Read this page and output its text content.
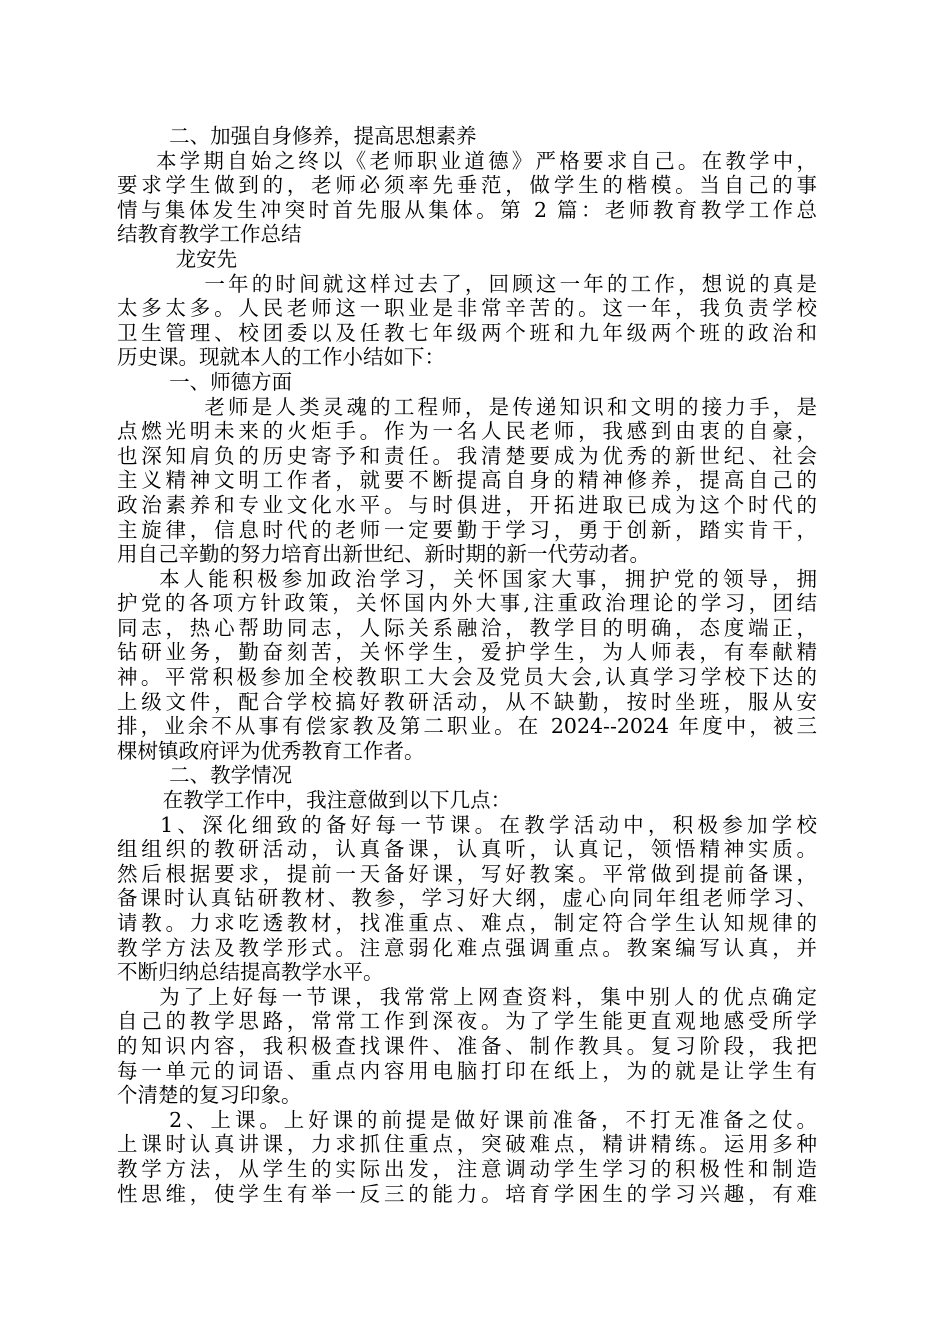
二、加强自身修养，提高思想素养
本学期自始之终以《老师职业道德》严格要求自己。在教学中，
要求学生做到的，老师必须率先垂范，做学生的楷模。当自己的事
情与集体发生冲突时首先服从集体。第 2 篇：老师教育教学工作总
结教育教学工作总结
龙安先
一年的时间就这样过去了，回顾这一年的工作，想说的真是
太多太多。人民老师这一职业是非常辛苦的。这一年，我负责学校
卫生管理、校团委以及任教七年级两个班和九年级两个班的政治和
历史课。现就本人的工作小结如下：
一、师德方面
老师是人类灵魂的工程师，是传递知识和文明的接力手，是
点燃光明未来的火炬手。作为一名人民老师，我感到由衷的自豪，
也深知肩负的历史寄予和责任。我清楚要成为优秀的新世纪、社会
主义精神文明工作者，就要不断提高自身的精神修养，提高自己的
政治素养和专业文化水平。与时俱进，开拓进取已成为这个时代的
主旋律，信息时代的老师一定要勤于学习，勇于创新，踏实肯干，
用自己辛勤的努力培育出新世纪、新时期的新一代劳动者。
本人能积极参加政治学习，关怀国家大事，拥护党的领导，拥
护党的各项方针政策，关怀国内外大事,注重政治理论的学习，团结
同志，热心帮助同志，人际关系融洽，教学目的明确，态度端正，
钻研业务，勤奋刻苦，关怀学生，爱护学生，为人师表，有奉献精
神。平常积极参加全校教职工大会及党员大会,认真学习学校下达的
上级文件，配合学校搞好教研活动，从不缺勤，按时坐班，服从安
排，业余不从事有偿家教及第二职业。在 2024--2024 年度中，被三
棵树镇政府评为优秀教育工作者。
二、教学情况
在教学工作中，我注意做到以下几点：
1、深化细致的备好每一节课。在教学活动中，积极参加学校
组组织的教研活动，认真备课，认真听，认真记，领悟精神实质。
然后根据要求，提前一天备好课，写好教案。平常做到提前备课，
备课时认真钻研教材、教参，学习好大纲，虚心向同年组老师学习、
请教。力求吃透教材，找准重点、难点，制定符合学生认知规律的
教学方法及教学形式。注意弱化难点强调重点。教案编写认真，并
不断归纳总结提高教学水平。
为了上好每一节课，我常常上网查资料，集中别人的优点确定
自己的教学思路，常常工作到深夜。为了学生能更直观地感受所学
的知识内容，我积极查找课件、准备、制作教具。复习阶段，我把
每一单元的词语、重点内容用电脑打印在纸上，为的就是让学生有
个清楚的复习印象。
2、上课。上好课的前提是做好课前准备，不打无准备之仗。
上课时认真讲课，力求抓住重点，突破难点，精讲精练。运用多种
教学方法，从学生的实际出发，注意调动学生学习的积极性和制造
性思维，使学生有举一反三的能力。培育学困生的学习兴趣，有难
